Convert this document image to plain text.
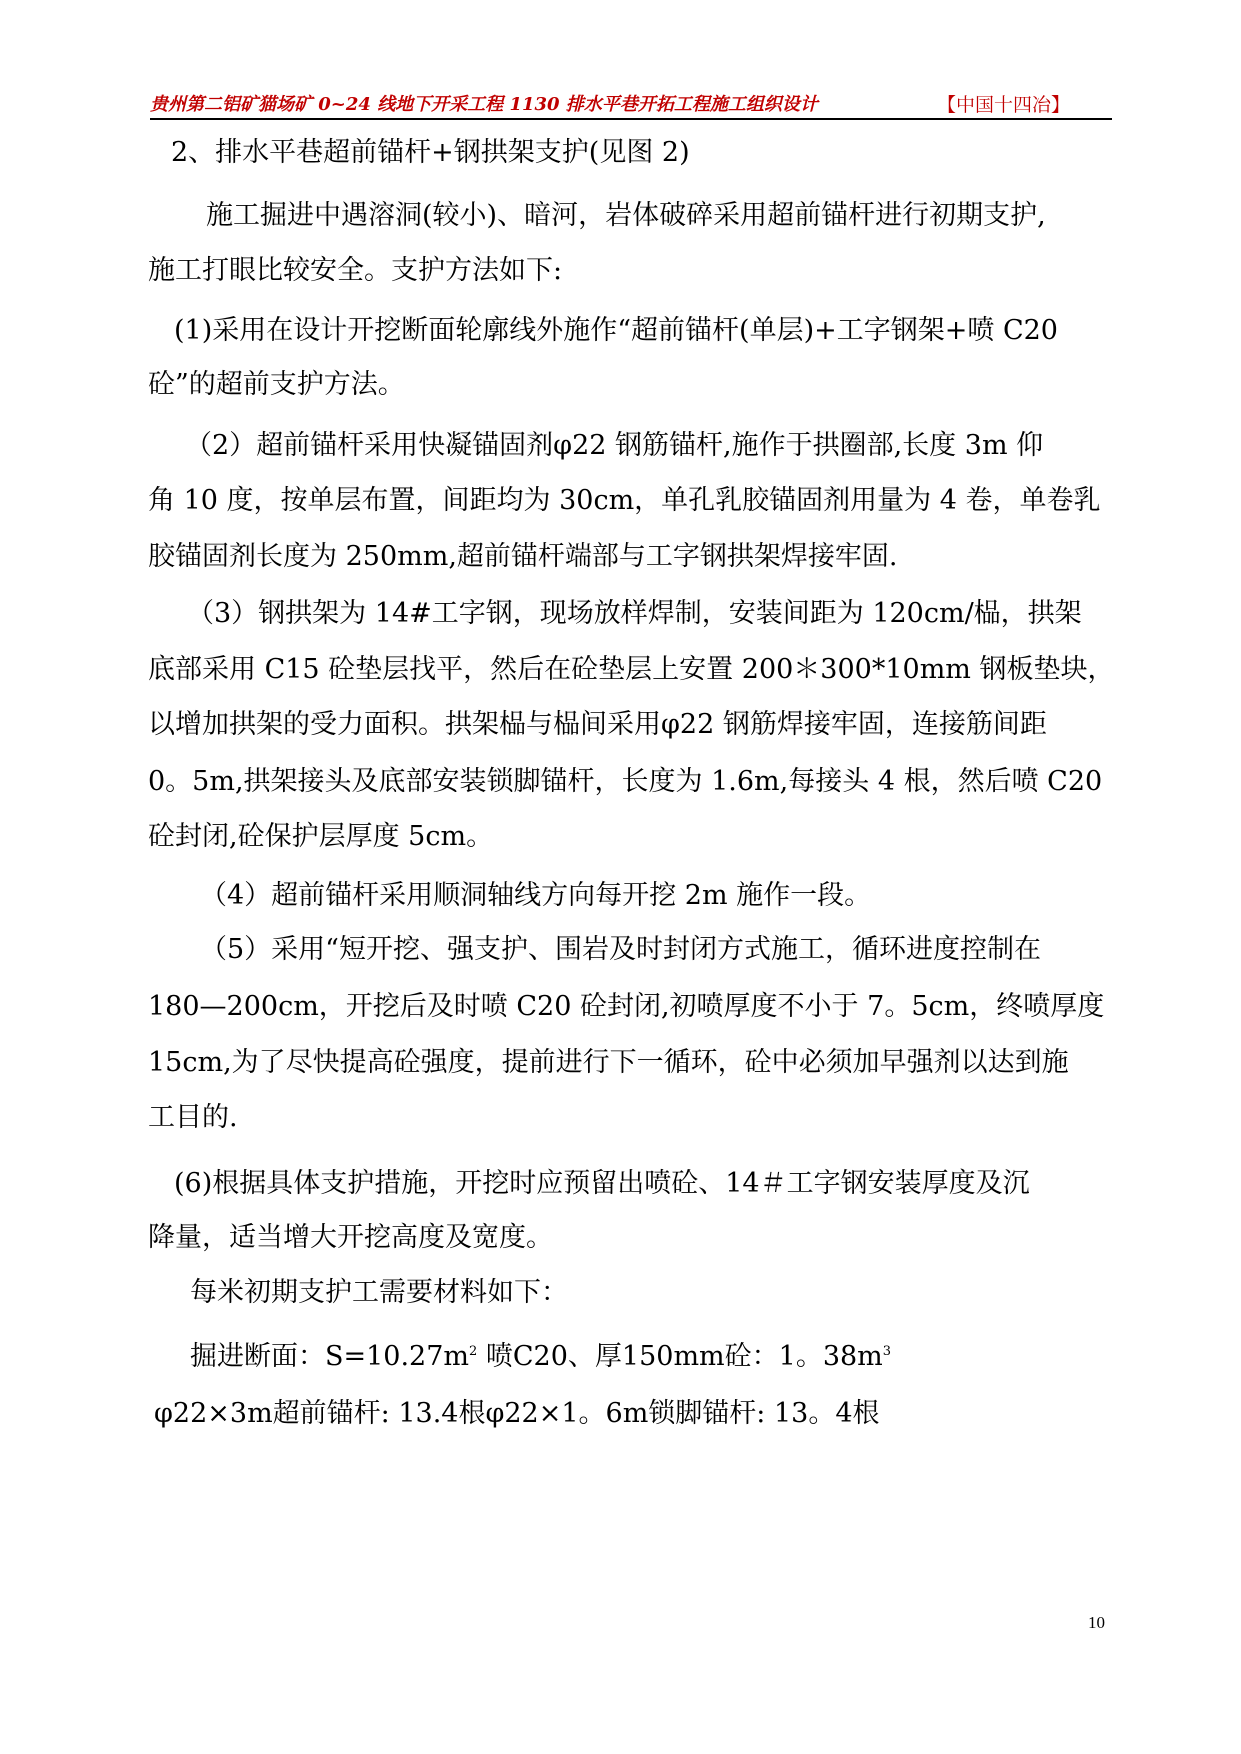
贵州第二铝矿猫场矿 0~24 线地下开采工程 1130 排水平巷开拓工程施工组织设计	【中国十四冶】
2、排水平巷超前锚杆+钢拱架支护(见图 2)
施工掘进中遇溶洞(较小)、暗河，岩体破碎采用超前锚杆进行初期支护,
施工打眼比较安全。支护方法如下:
(1)采用在设计开挖断面轮廓线外施作“超前锚杆(单层)+工字钢架+喷 C20
砼”的超前支护方法。
（2）超前锚杆采用快凝锚固剂φ22 钢筋锚杆,施作于拱圈部,长度 3m 仰
角 10 度，按单层布置，间距均为 30cm，单孔乳胶锚固剂用量为 4 卷，单卷乳
胶锚固剂长度为 250mm,超前锚杆端部与工字钢拱架焊接牢固.
（3）钢拱架为 14#工字钢，现场放样焊制，安装间距为 120cm/榀，拱架
底部采用 C15 砼垫层找平，然后在砼垫层上安置 200＊300*10mm 钢板垫块，
以增加拱架的受力面积。拱架榀与榀间采用φ22 钢筋焊接牢固，连接筋间距
0。5m,拱架接头及底部安装锁脚锚杆，长度为 1.6m,每接头 4 根，然后喷 C20
砼封闭,砼保护层厚度 5cm。
（4）超前锚杆采用顺洞轴线方向每开挖 2m 施作一段。
（5）采用“短开挖、强支护、围岩及时封闭方式施工，循环进度控制在
180—200cm，开挖后及时喷 C20 砼封闭,初喷厚度不小于 7。5cm，终喷厚度
15cm,为了尽快提高砼强度，提前进行下一循环，砼中必须加早强剂以达到施
工目的.
(6)根据具体支护措施，开挖时应预留出喷砼、14＃工字钢安装厚度及沉
降量，适当增大开挖高度及宽度。
每米初期支护工需要材料如下：
掘进断面：$S=10.27m^2$ 喷C20、厚150mm砼：1。$38m^3$
φ22×3m超前锚杆: 13.4根φ22×1。6m锁脚锚杆: 13。4根
10
